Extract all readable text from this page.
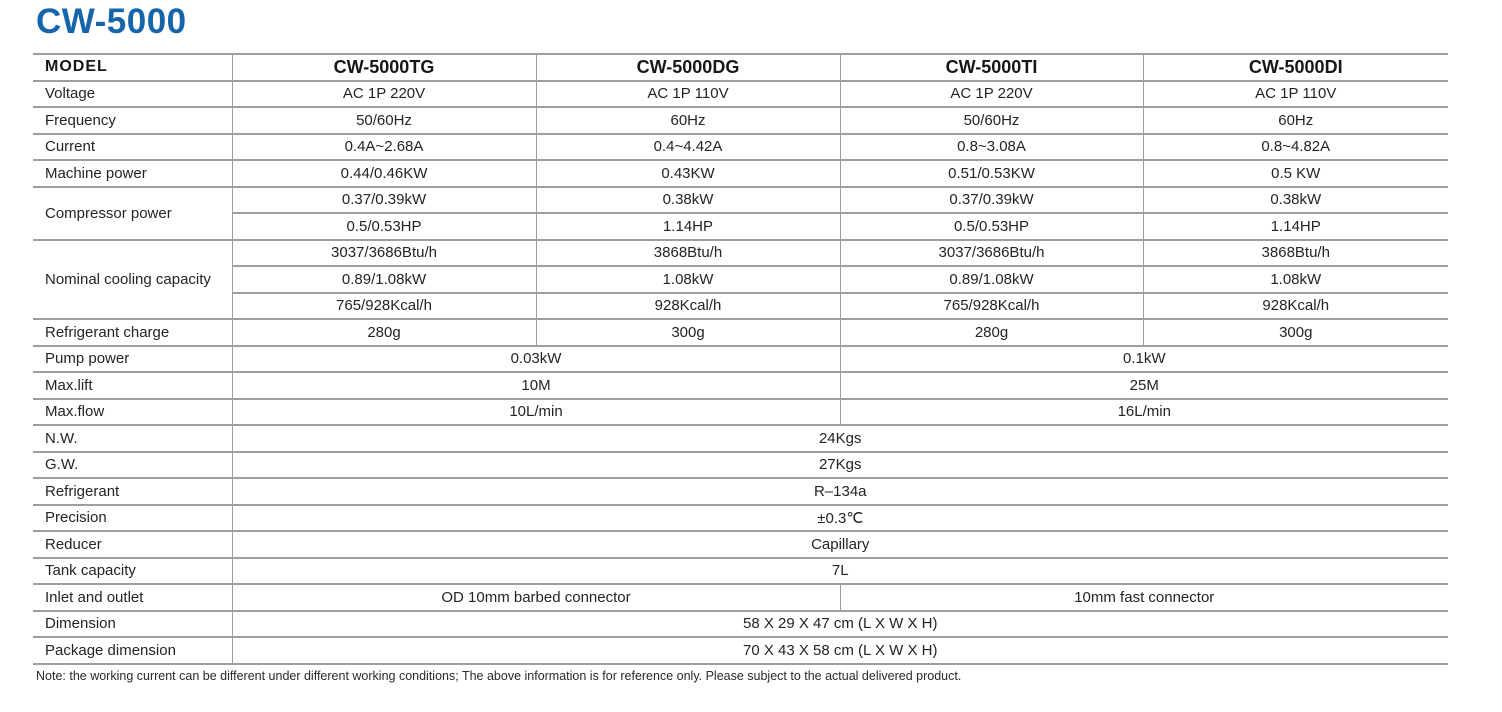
CW-5000
MODEL	CW-5000TG	CW-5000DG	CW-5000TI	CW-5000DI
Voltage	AC 1P 220V	AC 1P 110V	AC 1P 220V	AC 1P 110V
Frequency	50/60Hz	60Hz	50/60Hz	60Hz
Current	0.4A~2.68A	0.4~4.42A	0.8~3.08A	0.8~4.82A
Machine power	0.44/0.46KW	0.43KW	0.51/0.53KW	0.5 KW
Compressor power	0.37/0.39kW	0.38kW	0.37/0.39kW	0.38kW
	0.5/0.53HP	1.14HP	0.5/0.53HP	1.14HP
Nominal cooling capacity	3037/3686Btu/h	3868Btu/h	3037/3686Btu/h	3868Btu/h
	0.89/1.08kW	1.08kW	0.89/1.08kW	1.08kW
	765/928Kcal/h	928Kcal/h	765/928Kcal/h	928Kcal/h
Refrigerant charge	280g	300g	280g	300g
Pump power	0.03kW		0.1kW	
Max.lift	10M		25M	
Max.flow	10L/min		16L/min	
N.W.	24Kgs			
G.W.	27Kgs			
Refrigerant	R–134a			
Precision	±0.3℃			
Reducer	Capillary			
Tank capacity	7L			
Inlet and outlet	OD 10mm barbed connector		10mm fast connector	
Dimension	58 X 29 X 47 cm (L X W X H)			
Package dimension	70 X 43 X 58 cm (L X W X H)			
Note: the working current can be different under different working conditions; The above information is for reference only. Please subject to the actual delivered product.
